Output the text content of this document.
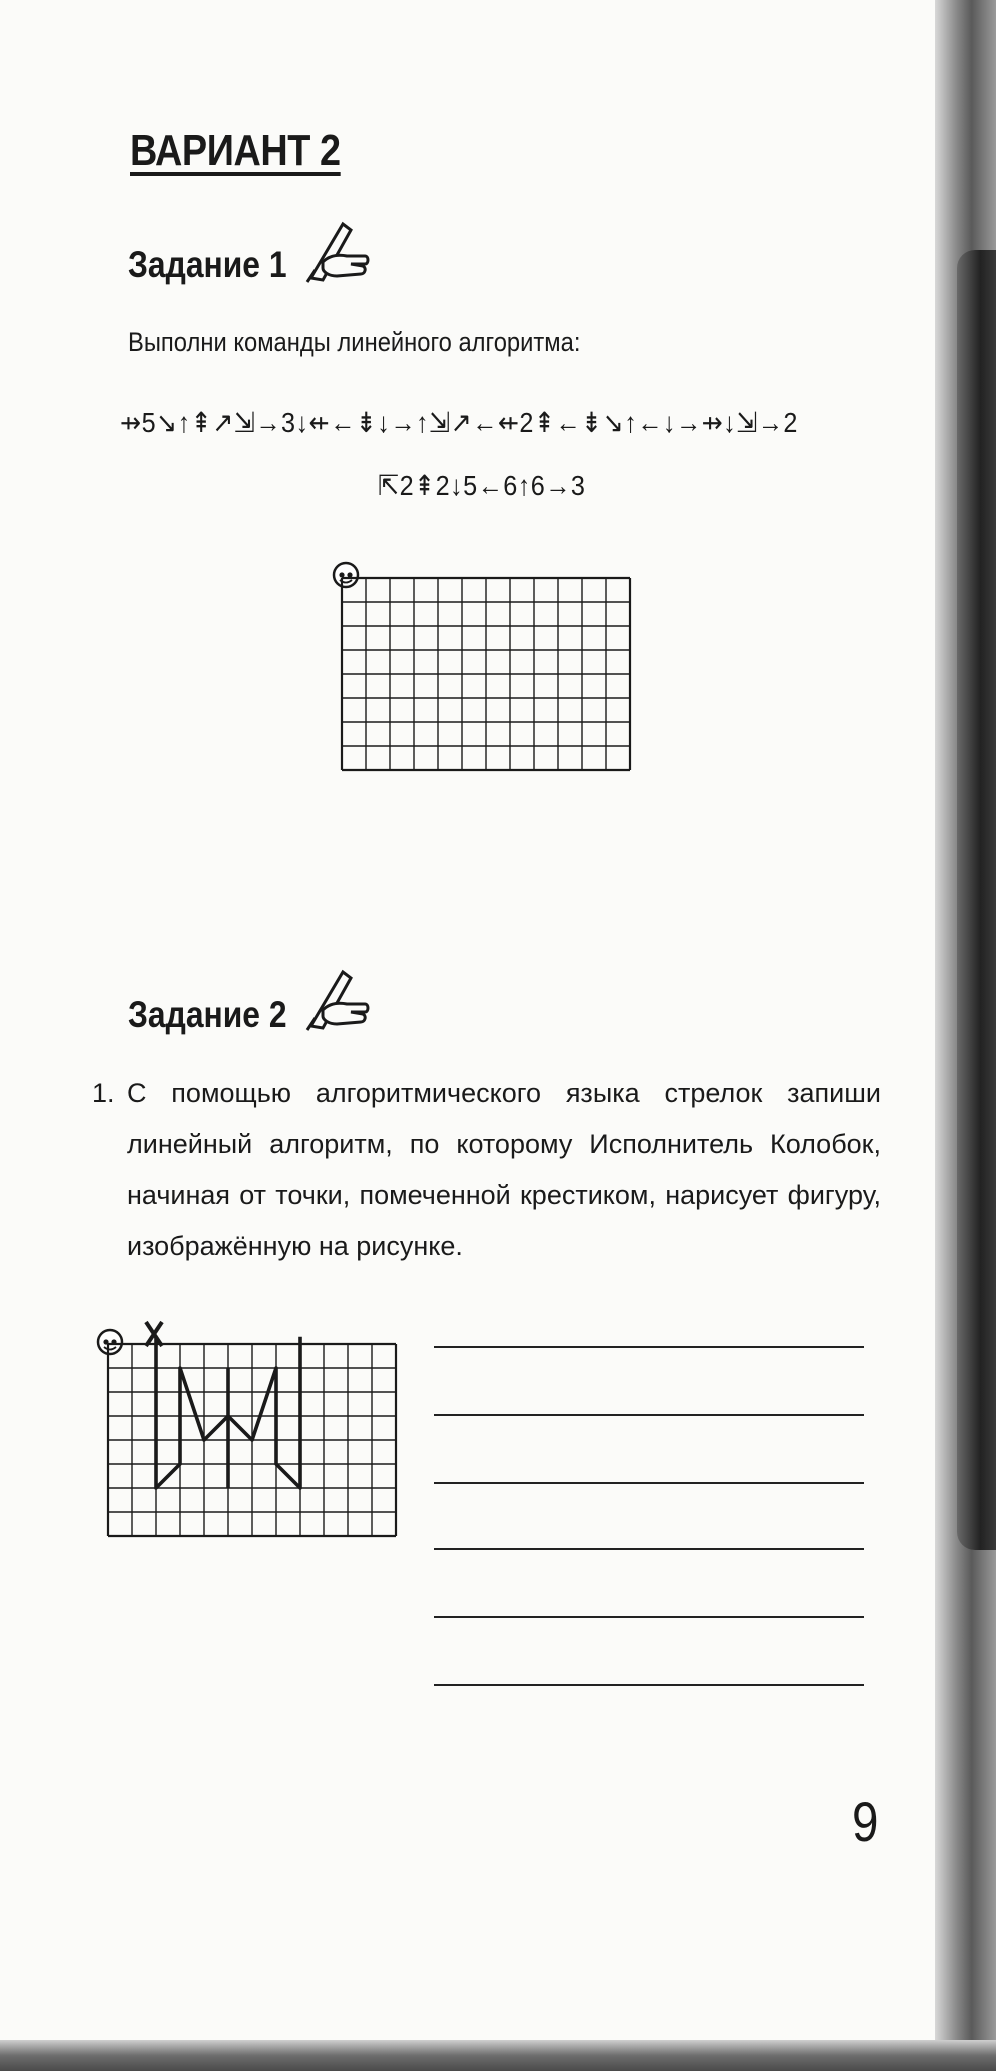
ВАРИАНТ 2
Задание 1
Выполни команды линейного алгоритма:
⇸5↘↑⇞↗⇲→3↓⇷←⇟↓→↑⇲↗←⇷2⇞←⇟↘↑←↓→⇸↓⇲→2
⇱2⇞2↓5←6↑6→3
Задание 2
1. С помощью алгоритмического языка стрелок запиши линейный алгоритм, по которому Исполнитель Колобок, начиная от точки, помеченной крестиком, нарисует фигуру, изображённую на рисунке.
9
